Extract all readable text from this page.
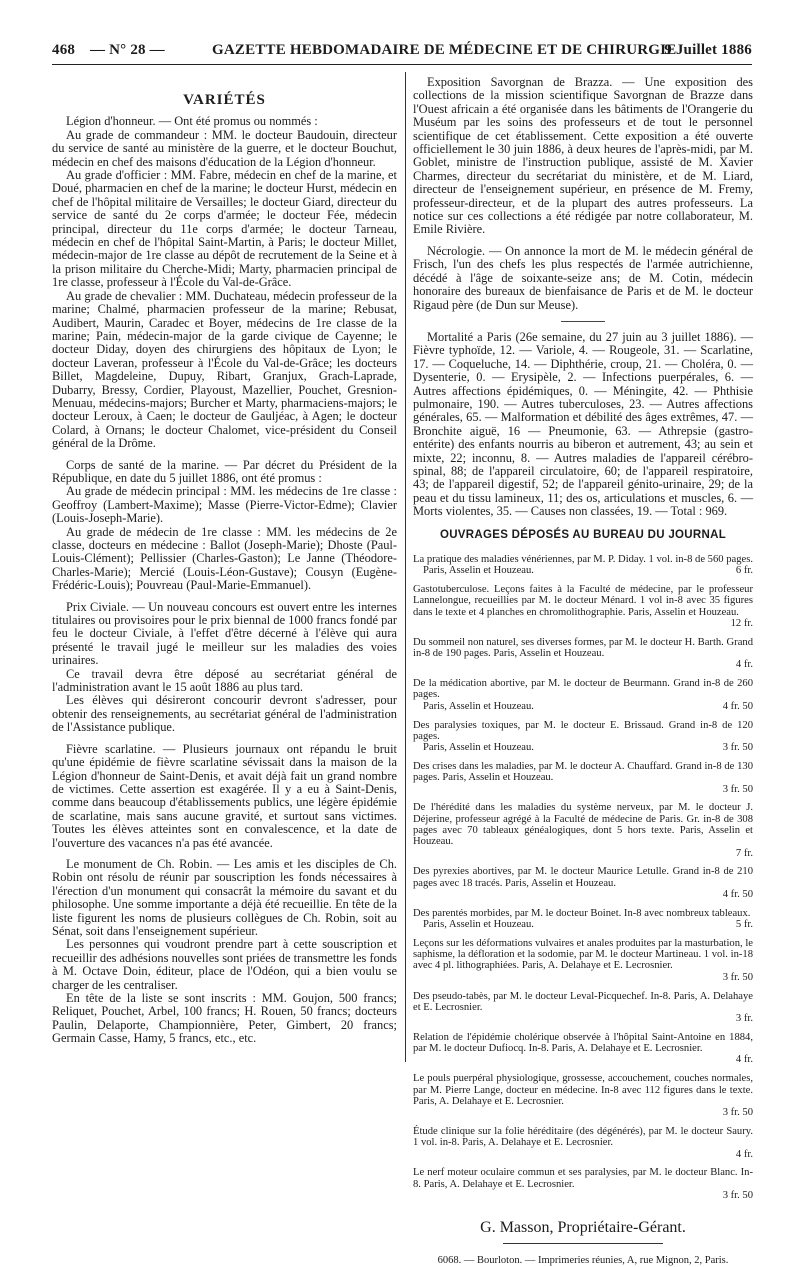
468 — N° 28 —	GAZETTE HEBDOMADAIRE DE MÉDECINE ET DE CHIRURGIE
9 Juillet 1886
VARIÉTÉS

Légion d'honneur. — Ont été promus ou nommés :

Au grade de commandeur : MM. le docteur Baudouin, directeur du service de santé au ministère de la guerre, et le docteur Bouchut, médecin en chef des maisons d'éducation de la Légion d'honneur.

Au grade d'officier : MM. Fabre, médecin en chef de la marine, et Doué, pharmacien en chef de la marine; le docteur Hurst, médecin en chef de l'hôpital militaire de Versailles; le docteur Giard, directeur du service de santé du 2e corps d'armée; le docteur Fée, médecin principal, directeur du 11e corps d'armée; le docteur Tarneau, médecin en chef de l'hôpital Saint-Martin, à Paris; le docteur Millet, médecin-major de 1re classe au dépôt de recrutement de la Seine et à la prison militaire du Cherche-Midi; Marty, pharmacien principal de 1re classe, professeur à l'École du Val-de-Grâce.

Au grade de chevalier : MM. Duchateau, médecin professeur de la marine; Chalmé, pharmacien professeur de la marine; Rebusat, Audibert, Maurin, Caradec et Boyer, médecins de 1re classe de la marine; Pain, médecin-major de la garde civique de Cayenne; le docteur Diday, doyen des chirurgiens des hôpitaux de Lyon; le docteur Laveran, professeur à l'École du Val-de-Grâce; les docteurs Billet, Magdeleine, Dupuy, Ribart, Granjux, Grach-Laprade, Dubarry, Bressy, Cordier, Playoust, Mazellier, Pouchet, Gresnion-Menuau, médecins-majors; Burcher et Marty, pharmaciens-majors; le docteur Leroux, à Caen; le docteur de Gauljéac, à Agen; le docteur Colard, à Ornans; le docteur Chalomet, vice-président du Conseil général de la Drôme.

Corps de santé de la marine. — Par décret du Président de la République, en date du 5 juillet 1886, ont été promus :

Au grade de médecin principal : MM. les médecins de 1re classe : Geoffroy (Lambert-Maxime); Masse (Pierre-Victor-Edme); Clavier (Louis-Joseph-Marie).

Au grade de médecin de 1re classe : MM. les médecins de 2e classe, docteurs en médecine : Ballot (Joseph-Marie); Dhoste (Paul-Louis-Clément); Pellissier (Charles-Gaston); Le Janne (Théodore-Charles-Marie); Mercié (Louis-Léon-Gustave); Cousyn (Eugène-Frédéric-Louis); Pouvreau (Paul-Marie-Emmanuel).

Prix Civiale. — Un nouveau concours est ouvert entre les internes titulaires ou provisoires pour le prix biennal de 1000 francs fondé par feu le docteur Civiale, à l'effet d'être décerné à l'élève qui aura présenté le travail jugé le meilleur sur les maladies des voies urinaires.

Ce travail devra être déposé au secrétariat général de l'administration avant le 15 août 1886 au plus tard.

Les élèves qui désireront concourir devront s'adresser, pour obtenir des renseignements, au secrétariat général de l'administration de l'Assistance publique.

Fièvre scarlatine. — Plusieurs journaux ont répandu le bruit qu'une épidémie de fièvre scarlatine sévissait dans la maison de la Légion d'honneur de Saint-Denis, et avait déjà fait un grand nombre de victimes. Cette assertion est exagérée. Il y a eu à Saint-Denis, comme dans beaucoup d'établissements publics, une légère épidémie de scarlatine, mais sans aucune gravité, et surtout sans victimes. Toutes les élèves atteintes sont en convalescence, et la date de l'ouverture des vacances n'a pas été avancée.

Le monument de Ch. Robin. — Les amis et les disciples de Ch. Robin ont résolu de réunir par souscription les fonds nécessaires à l'érection d'un monument qui consacrât la mémoire du savant et du philosophe. Une somme importante a déjà été recueillie. En tête de la liste figurent les noms de plusieurs collègues de Ch. Robin, soit au Sénat, soit dans l'enseignement supérieur.

Les personnes qui voudront prendre part à cette souscription et recueillir des adhésions nouvelles sont priées de transmettre les fonds à M. Octave Doin, éditeur, place de l'Odéon, qui a bien voulu se charger de les centraliser.

En tête de la liste se sont inscrits : MM. Goujon, 500 francs; Reliquet, Pouchet, Arbel, 100 francs; H. Rouen, 50 francs; docteurs Paulin, Delaporte, Championnière, Peter, Gimbert, 20 francs; Germain Casse, Hamy, 5 francs, etc., etc.

Exposition Savorgnan de Brazza. — Une exposition des collections de la mission scientifique Savorgnan de Brazze dans l'Ouest africain a été organisée dans les bâtiments de l'Orangerie du Muséum par les soins des professeurs et de tout le personnel scientifique de cet établissement. Cette exposition a été ouverte officiellement le 30 juin 1886, à deux heures de l'après-midi, par M. Goblet, ministre de l'instruction publique, assisté de M. Xavier Charmes, directeur du secrétariat du ministère, et de M. Liard, directeur de l'enseignement supérieur, en présence de M. Fremy, professeur-directeur, et de la plupart des autres professeurs. La notice sur ces collections a été rédigée par notre collaborateur, M. Emile Rivière.

Nécrologie. — On annonce la mort de M. le médecin général de Frisch, l'un des chefs les plus respectés de l'armée autrichienne, décédé à l'âge de soixante-seize ans; de M. Cotin, médecin honoraire des bureaux de bienfaisance de Paris et de M. le docteur Rigaud père (de Dun sur Meuse).

Mortalité a Paris (26e semaine, du 27 juin au 3 juillet 1886). — Fièvre typhoïde, 12. — Variole, 4. — Rougeole, 31. — Scarlatine, 17. — Coqueluche, 14. — Diphthérie, croup, 21. — Choléra, 0. — Dysenterie, 0. — Erysipèle, 2. — Infections puerpérales, 6. — Autres affections épidémiques, 0. — Méningite, 42. — Phthisie pulmonaire, 190. — Autres tuberculoses, 23. — Autres affections générales, 65. — Malformation et débilité des âges extrêmes, 47. — Bronchite aiguë, 16 — Pneumonie, 63. — Athrepsie (gastro-entérite) des enfants nourris au biberon et autrement, 43; au sein et mixte, 22; inconnu, 8. — Autres maladies de l'appareil cérébro-spinal, 88; de l'appareil circulatoire, 60; de l'appareil respiratoire, 43; de l'appareil digestif, 52; de l'appareil génito-urinaire, 29; de la peau et du tissu lamineux, 11; des os, articulations et muscles, 6. — Morts violentes, 35. — Causes non classées, 19. — Total : 969.

OUVRAGES DÉPOSÉS AU BUREAU DU JOURNAL
La pratique des maladies vénériennes, par M. P. Diday. 1 vol. in-8 de 560 pages.
Paris, Asselin et Houzeau.	6 fr.
Gastotuberculose. Leçons faites à la Faculté de médecine, par le professeur Lannelongue, recueillies par M. le docteur Ménard. 1 vol in-8 avec 35 figures dans le texte et 4 planches en chromolithographie. Paris, Asselin et Houzeau.
12 fr.
Du sommeil non naturel, ses diverses formes, par M. le docteur H. Barth. Grand in-8 de 190 pages. Paris, Asselin et Houzeau.
4 fr.
De la médication abortive, par M. le docteur de Beurmann. Grand in-8 de 260 pages.
Paris, Asselin et Houzeau.	4 fr. 50
Des paralysies toxiques, par M. le docteur E. Brissaud. Grand in-8 de 120 pages.
Paris, Asselin et Houzeau.	3 fr. 50
Des crises dans les maladies, par M. le docteur A. Chauffard. Grand in-8 de 130 pages. Paris, Asselin et Houzeau.
3 fr. 50
De l'hérédité dans les maladies du système nerveux, par M. le docteur J. Déjerine, professeur agrégé à la Faculté de médecine de Paris. Gr. in-8 de 308 pages avec 70 tableaux généalogiques, dont 5 hors texte. Paris, Asselin et Houzeau.
7 fr.
Des pyrexies abortives, par M. le docteur Maurice Letulle. Grand in-8 de 210 pages avec 18 tracés. Paris, Asselin et Houzeau.
4 fr. 50
Des parentés morbides, par M. le docteur Boinet. In-8 avec nombreux tableaux.
Paris, Asselin et Houzeau.	5 fr.
Leçons sur les déformations vulvaires et anales produites par la masturbation, le saphisme, la défloration et la sodomie, par M. le docteur Martineau. 1 vol. in-18 avec 4 pl. lithographiées. Paris, A. Delahaye et E. Lecrosnier.
3 fr. 50
Des pseudo-tabès, par M. le docteur Leval-Picquechef. In-8. Paris, A. Delahaye et E. Lecrosnier.
3 fr.
Relation de l'épidémie cholérique observée à l'hôpital Saint-Antoine en 1884, par M. le docteur Dufiocq. In-8. Paris, A. Delahaye et E. Lecrosnier.
4 fr.
Le pouls puerpéral physiologique, grossesse, accouchement, couches normales, par M. Pierre Lange, docteur en médecine. In-8 avec 112 figures dans le texte. Paris, A. Delahaye et E. Lecrosnier.
3 fr. 50
Étude clinique sur la folie héréditaire (des dégénérés), par M. le docteur Saury. 1 vol. in-8. Paris, A. Delahaye et E. Lecrosnier.
4 fr.
Le nerf moteur oculaire commun et ses paralysies, par M. le docteur Blanc. In-8. Paris, A. Delahaye et E. Lecrosnier.
3 fr. 50
G. Masson, Propriétaire-Gérant.
6068. — Bourloton. — Imprimeries réunies, A, rue Mignon, 2, Paris.
